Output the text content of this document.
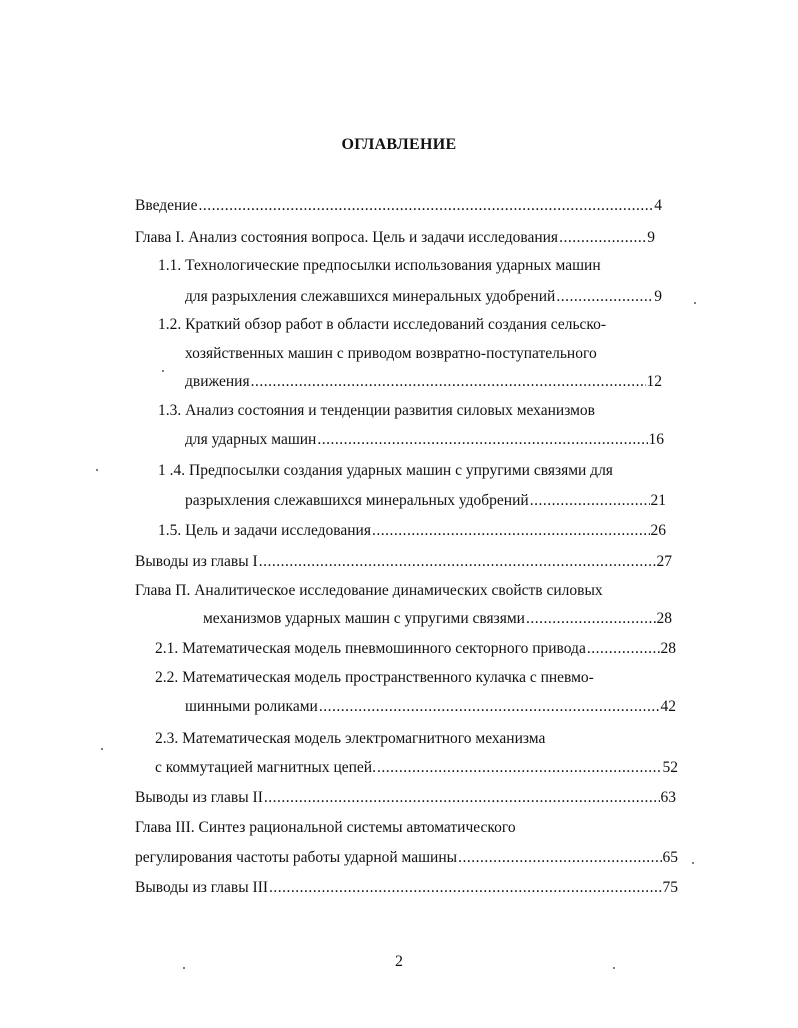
ОГЛАВЛЕНИЕ
Введение .....	4
Глава I. Анализ состояния вопроса. Цель и задачи исследования .....	9
1.1. Технологические предпосылки использования ударных машин
для разрыхления слежавшихся минеральных удобрений .....	9
1.2. Краткий обзор работ в области исследований создания сельско-
хозяйственных машин с приводом возвратно-поступательного
движения .....	12
1.3. Анализ состояния и тенденции развития силовых механизмов
для ударных машин .....	16
1 .4. Предпосылки создания ударных машин с упругими связями для
разрыхления слежавшихся минеральных удобрений .....	21
1.5. Цель и задачи исследования .....	26
Выводы из главы I .....	27
Глава П. Аналитическое исследование динамических свойств силовых
механизмов ударных машин с упругими связями .....	28
2.1. Математическая модель пневмошинного секторного привода .....	28
2.2. Математическая модель пространственного кулачка с пневмо-
шинными роликами .....	42
2.3. Математическая модель электромагнитного механизма
с коммутацией магнитных цепей. .....	52
Выводы из главы II .....	63
Глава III. Синтез рациональной системы автоматического
регулирования частоты работы ударной машины .....	65
Выводы из главы III .....	75
2
